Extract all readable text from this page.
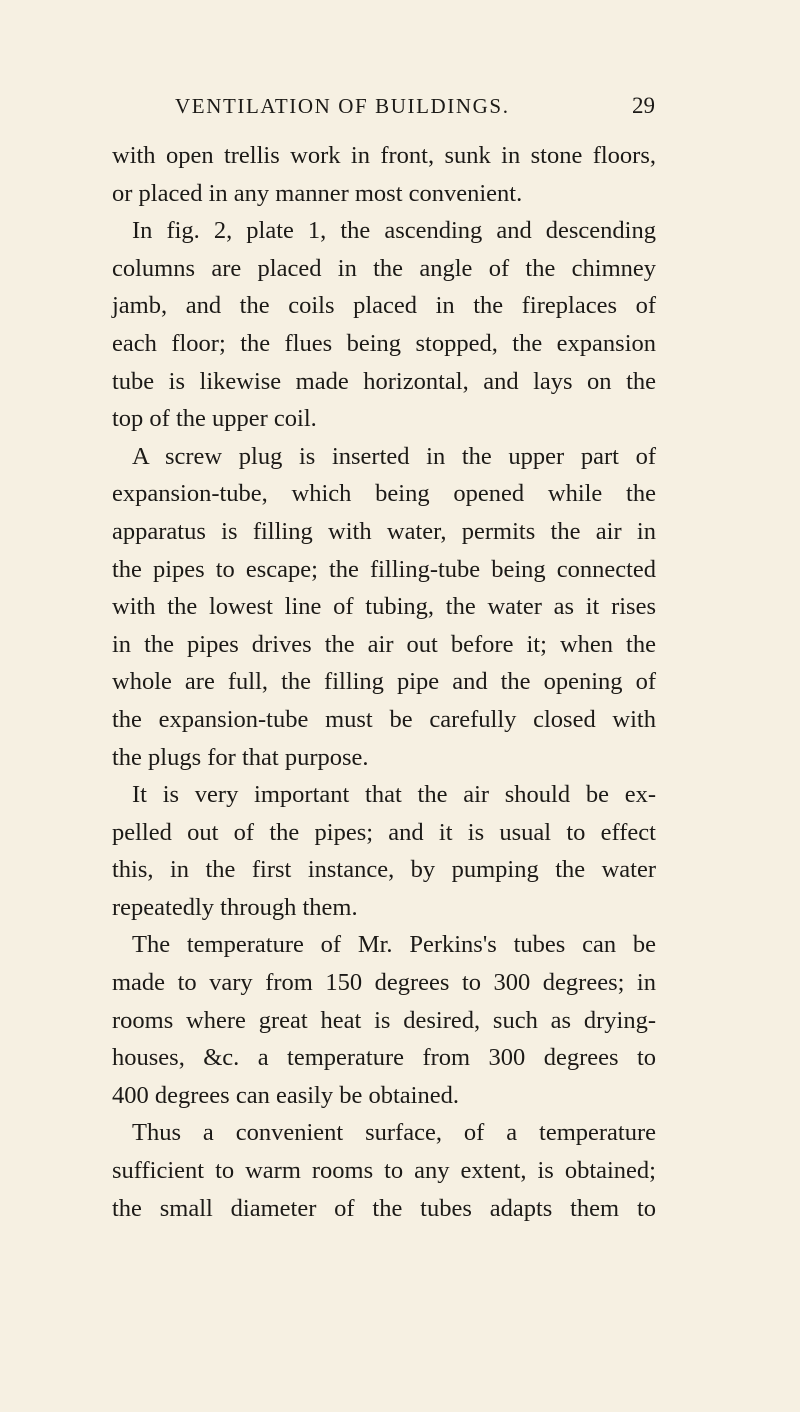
VENTILATION OF BUILDINGS.	29
with open trellis work in front, sunk in stone floors,
or placed in any manner most convenient.
In fig. 2, plate 1, the ascending and descending
columns are placed in the angle of the chimney
jamb, and the coils placed in the fireplaces of
each floor; the flues being stopped, the expansion
tube is likewise made horizontal, and lays on the
top of the upper coil.
A screw plug is inserted in the upper part of
expansion-tube, which being opened while the
apparatus is filling with water, permits the air in
the pipes to escape; the filling-tube being connected
with the lowest line of tubing, the water as it rises
in the pipes drives the air out before it; when the
whole are full, the filling pipe and the opening of
the expansion-tube must be carefully closed with
the plugs for that purpose.
It is very important that the air should be ex-
pelled out of the pipes; and it is usual to effect
this, in the first instance, by pumping the water
repeatedly through them.
The temperature of Mr. Perkins's tubes can be
made to vary from 150 degrees to 300 degrees; in
rooms where great heat is desired, such as drying-
houses, &c. a temperature from 300 degrees to
400 degrees can easily be obtained.
Thus a convenient surface, of a temperature
sufficient to warm rooms to any extent, is obtained;
the small diameter of the tubes adapts them to
